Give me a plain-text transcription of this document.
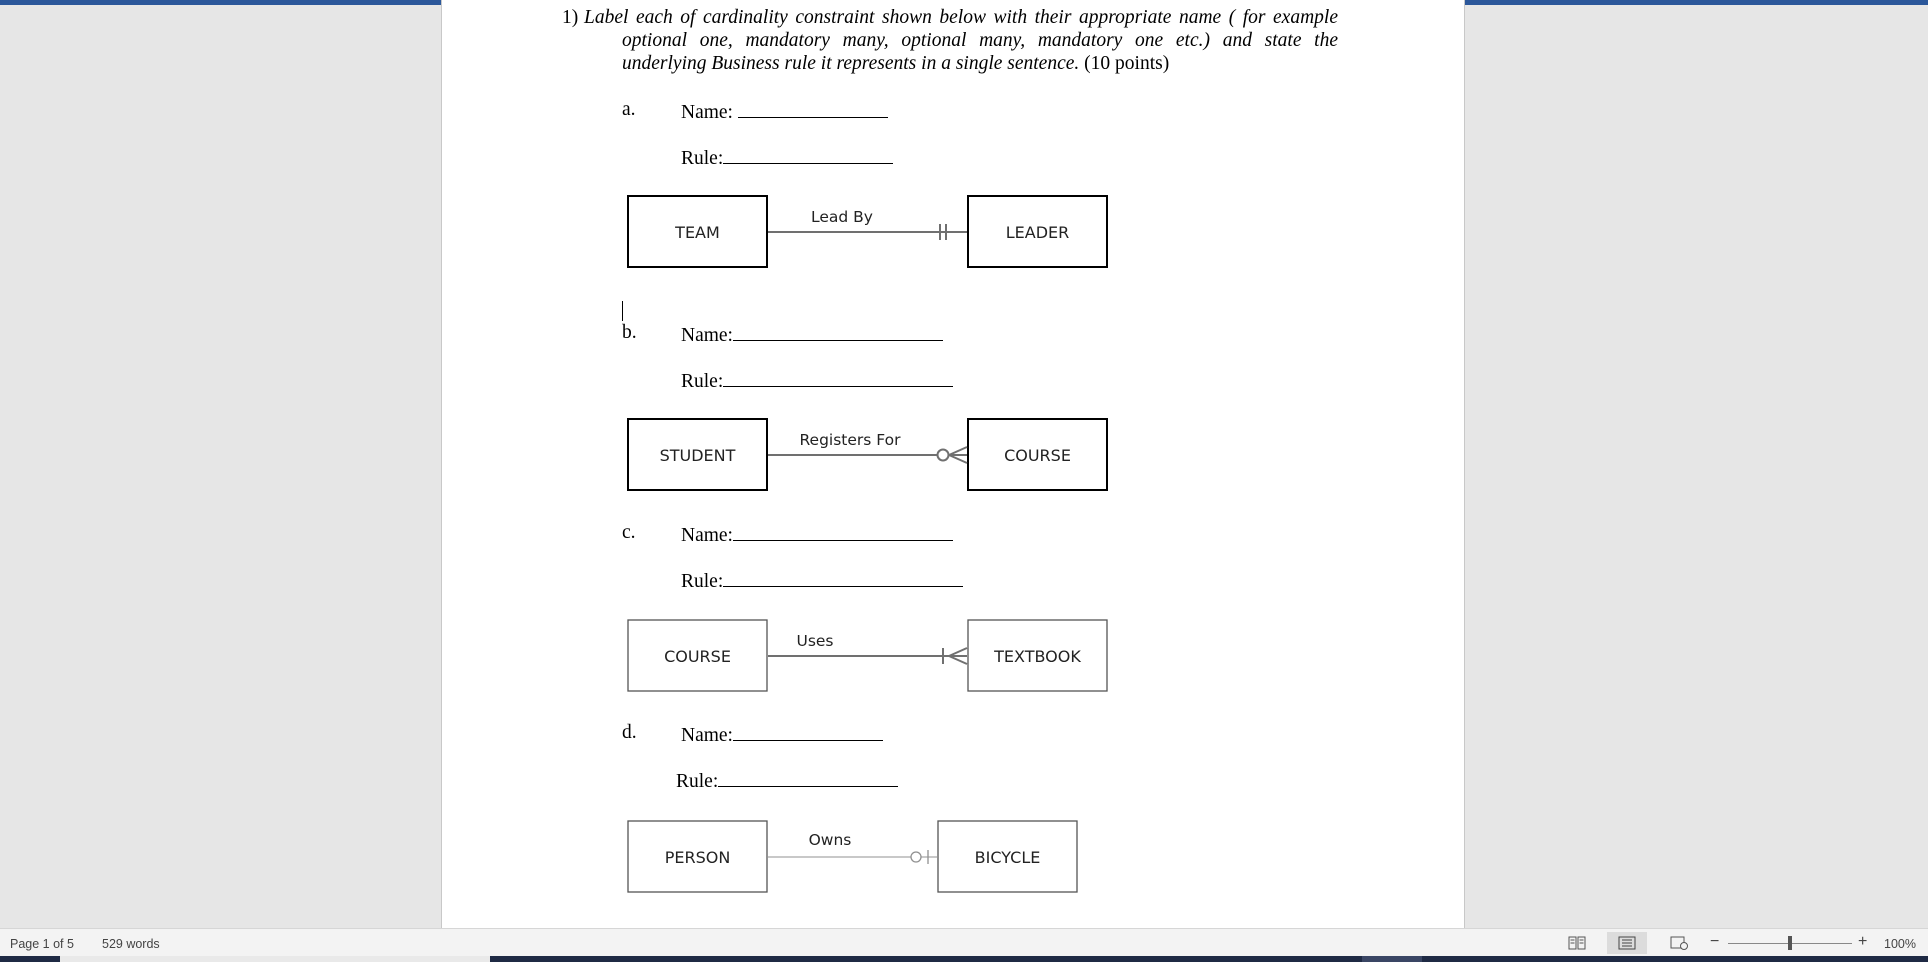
1) Label each of cardinality constraint shown below with their appropriate name ( for example
optional one, mandatory many, optional many, mandatory one etc.) and state the
underlying Business rule it represents in a single sentence. (10 points)
a. Name:
Rule:
b. Name:
Rule:
c. Name:
Rule:
d. Name:
Rule:
TEAM	LEADER
Lead By
STUDENT	COURSE
Registers For
COURSE	TEXTBOOK
Uses
PERSON	BICYCLE
Owns
Page 1 of 5 529 words	−	+ 100%
